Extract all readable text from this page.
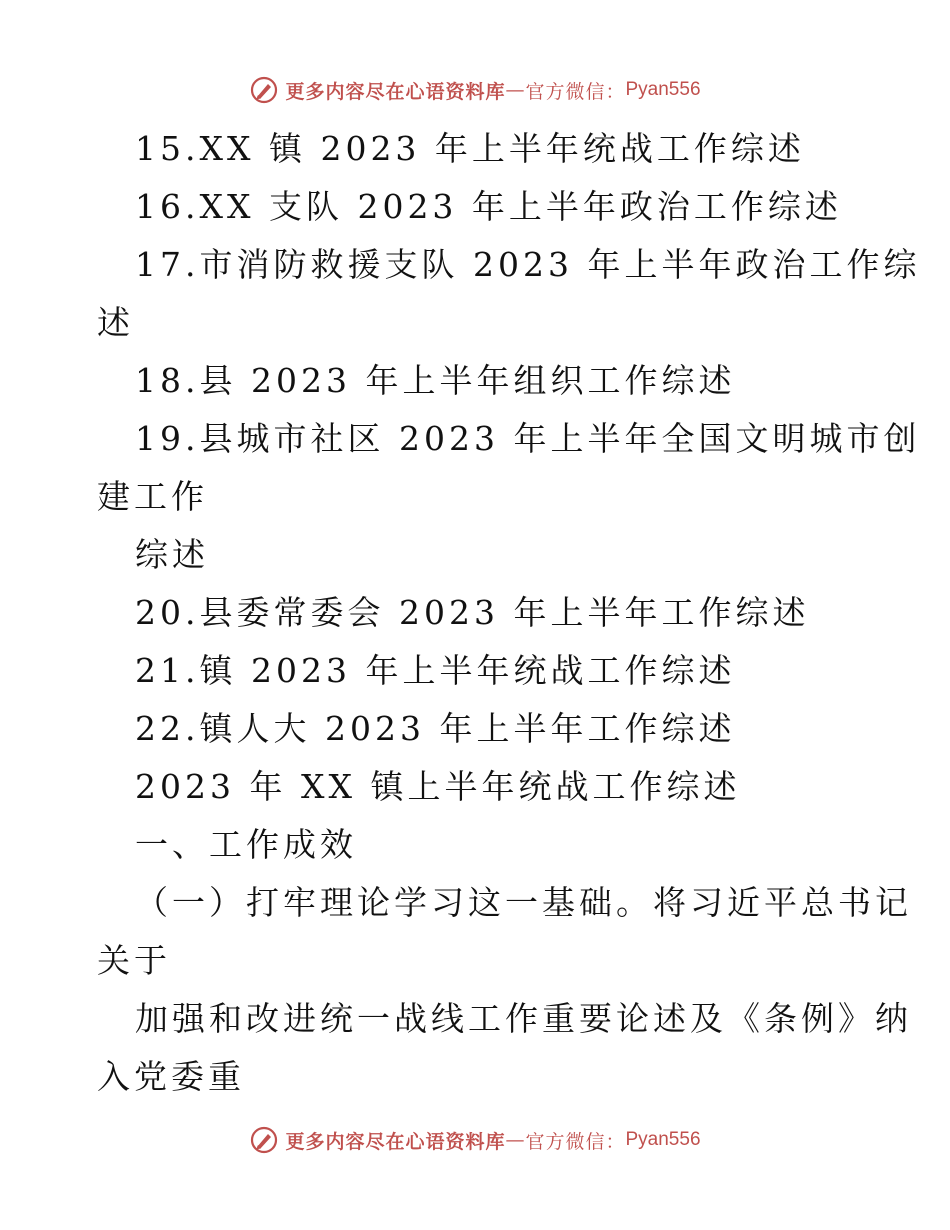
更多内容尽在心语资料库 — 官方微信： Pyan556
15.XX 镇 2023 年上半年统战工作综述
16.XX 支队 2023 年上半年政治工作综述
17.市消防救援支队 2023 年上半年政治工作综
述
18.县 2023 年上半年组织工作综述
19.县城市社区 2023 年上半年全国文明城市创
建工作
综述
20.县委常委会 2023 年上半年工作综述
21.镇 2023 年上半年统战工作综述
22.镇人大 2023 年上半年工作综述
2023 年 XX 镇上半年统战工作综述
一、工作成效
（一）打牢理论学习这一基础。将习近平总书记
关于
加强和改进统一战线工作重要论述及《条例》纳
入党委重
更多内容尽在心语资料库 — 官方微信： Pyan556
